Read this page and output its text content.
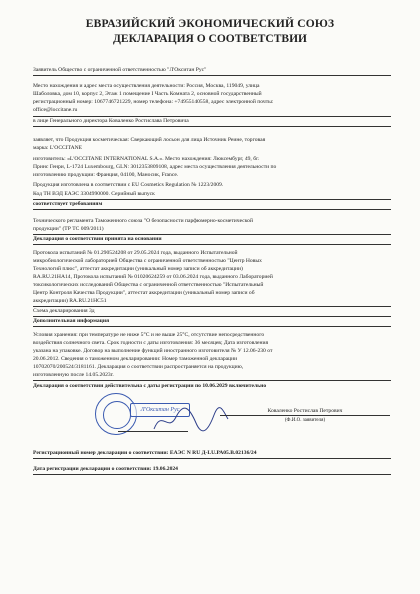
ЕВРАЗИЙСКИЙ ЭКОНОМИЧЕСКИЙ СОЮЗ
ДЕКЛАРАЦИЯ О СООТВЕТСТВИИ
Заявитель Общество с ограниченной ответственностью "Л'Окситан Рус"
Место нахождения и адрес места осуществления деятельности: Россия, Москва, 119049, улица
Шаболовка, дом 10, корпус 2, Этаж 1 помещение I Часть Комната 2, основной государственный
регистрационный номер: 1067746721229, номер телефона: +74955140558, адрес электронной почты:
office@loccitane.ru
в лице Генерального директора Коваленко Ростислава Петровича
заявляет, что Продукция косметическая: Сверкающий лосьон для лица Источник Реине, торговая
марка: L'OCCITANE
изготовитель: «L'OCCITANE INTERNATIONAL S.A.». Место нахождения: Люксембург, 49, бг.
Принс Генри, L-1724 Luxembourg, GLN: 3012353809108, адрес места осуществления деятельности по
изготовлению продукции: Франция, 04100, Маносик, France.
Продукция изготовлена в соответствии с ЕU Cosmetics Regulation № 1223/2009.
Код ТН ВЭД ЕАЭС 3304990000. Серийный выпуск
соответствует требованиям
Технического регламента Таможенного союза "О безопасности парфюмерно-косметической
продукции" (ТР ТС 009/2011)
Декларация о соответствии принята на основании
Протокола испытаний № 01.290524208 от 29.05.2024 года, выданного Испытательной
микробиологической лабораторией Общества с ограниченной ответственностью "Центр Новых
Технологий плюс", аттестат аккредитации (уникальный номер записи об аккредитации)
RA.RU.21НА14, Протокола испытаний № 01020624259 от 03.06.2024 года, выданного Лабораторией
токсикологических исследований Общества с ограниченной ответственностью "Испытательный
Центр Контроля Качества Продукции", аттестат аккредитации (уникальный номер записи об
аккредитации) RA.RU.21НС51
Схема декларирования 3д
Дополнительная информация
Условия хранения: при температуре не ниже 5°С и не выше 25°С, отсутствие непосредственного
воздействия солнечного света. Срок годности с даты изготовления: 36 месяцев; Дата изготовления
указана на упаковке. Договор на выполнение функций иностранного изготовителя № У 12.06-230 от
20.06.2012. Сведения о таможенном декларировании: Номер таможенной декларации
10702070/200524/3181161. Декларация о соответствии распространяется на продукцию,
изготовленную после 14.05.2023г.
Декларация о соответствии действительна с даты регистрации по 10.06.2029 включительно
Л'Окситан Рус	Коваленко Ростислав Петрович
(Ф.И.О. заявителя)
Регистрационный номер декларации о соответствии: ЕАЭС N RU Д-LU.РА05.В.02136/24
Дата регистрации декларации о соответствии: 19.06.2024
